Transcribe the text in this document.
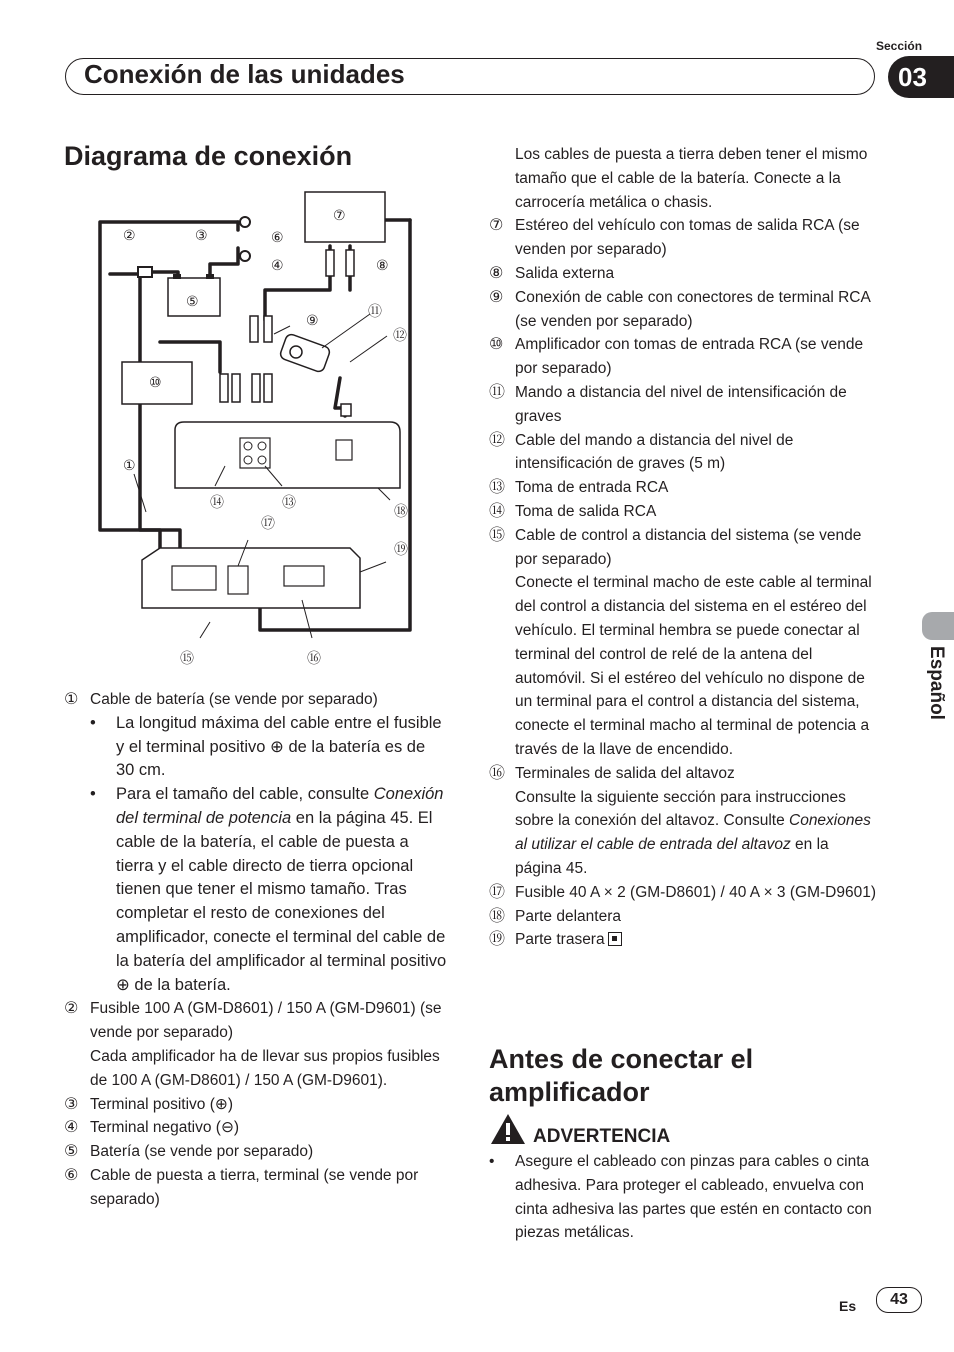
Sección
Conexión de las unidades	03
Español
Diagrama de conexión
①
②	③
④
⑤
⑥
⑦
⑧
⑨
⑩
⑪
⑫
⑬
⑭
⑮	⑯
⑰
⑱
⑲
① Cable de batería (se vende por separado)
•	La longitud máxima del cable entre el fusible y el terminal positivo ⊕ de la batería es de 30 cm.
•	Para el tamaño del cable, consulte Conexión del terminal de potencia en la página 45. El cable de la batería, el cable de puesta a tierra y el cable directo de tierra opcional tienen que tener el mismo tamaño. Tras completar el resto de conexiones del amplificador, conecte el terminal del cable de la batería del amplificador al terminal positivo ⊕ de la batería.
② Fusible 100 A (GM-D8601) / 150 A (GM-D9601) (se vende por separado)
Cada amplificador ha de llevar sus propios fusibles de 100 A (GM-D8601) / 150 A (GM-D9601).
③ Terminal positivo (⊕)
④ Terminal negativo (⊖)
⑤ Batería (se vende por separado)
⑥ Cable de puesta a tierra, terminal (se vende por separado)
Los cables de puesta a tierra deben tener el mismo tamaño que el cable de la batería. Conecte a la carrocería metálica o chasis.
⑦ Estéreo del vehículo con tomas de salida RCA (se venden por separado)
⑧ Salida externa
⑨ Conexión de cable con conectores de terminal RCA (se venden por separado)
⑩ Amplificador con tomas de entrada RCA (se vende por separado)
⑪ Mando a distancia del nivel de intensificación de graves
⑫ Cable del mando a distancia del nivel de intensificación de graves (5 m)
⑬ Toma de entrada RCA
⑭ Toma de salida RCA
⑮ Cable de control a distancia del sistema (se vende por separado)
Conecte el terminal macho de este cable al terminal del control a distancia del sistema en el estéreo del vehículo. El terminal hembra se puede conectar al terminal del control de relé de la antena del automóvil. Si el estéreo del vehículo no dispone de un terminal para el control a distancia del sistema, conecte el terminal macho al terminal de potencia a través de la llave de encendido.
⑯ Terminales de salida del altavoz
Consulte la siguiente sección para instrucciones sobre la conexión del altavoz. Consulte Conexiones al utilizar el cable de entrada del altavoz en la página 45.
⑰ Fusible 40 A × 2 (GM-D8601) / 40 A × 3 (GM-D9601)
⑱ Parte delantera
⑲ Parte trasera
Antes de conectar el amplificador
ADVERTENCIA
•	Asegure el cableado con pinzas para cables o cinta adhesiva. Para proteger el cableado, envuelva con cinta adhesiva las partes que estén en contacto con piezas metálicas.
Es	43
